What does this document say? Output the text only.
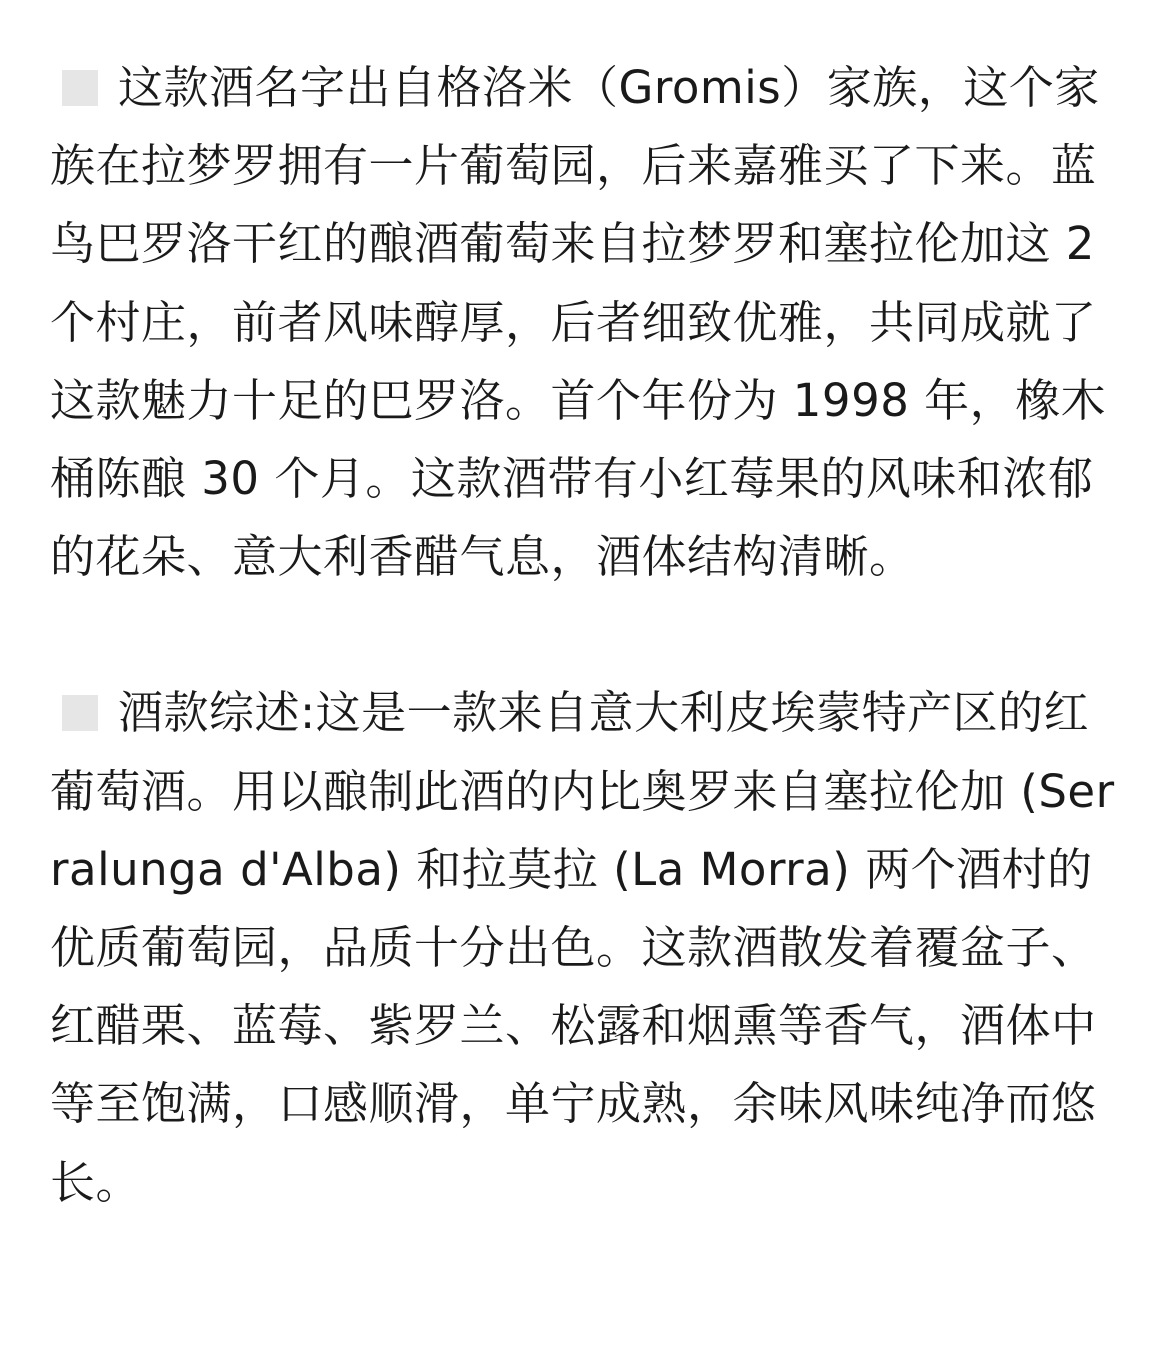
这款酒名字出自格洛米（Gromis）家族，这个家族在拉梦罗拥有一片葡萄园，后来嘉雅买了下来。蓝鸟巴罗洛干红的酿酒葡萄来自拉梦罗和塞拉伦加这 2 个村庄，前者风味醇厚，后者细致优雅，共同成就了这款魅力十足的巴罗洛。首个年份为 1998 年，橡木桶陈酿 30 个月。这款酒带有小红莓果的风味和浓郁的花朵、意大利香醋气息，酒体结构清晰。

酒款综述:这是一款来自意大利皮埃蒙特产区的红葡萄酒。用以酿制此酒的内比奥罗来自塞拉伦加 (Serralunga d'Alba) 和拉莫拉 (La Morra) 两个酒村的优质葡萄园，品质十分出色。这款酒散发着覆盆子、红醋栗、蓝莓、紫罗兰、松露和烟熏等香气，酒体中等至饱满，口感顺滑，单宁成熟，余味风味纯净而悠长。
